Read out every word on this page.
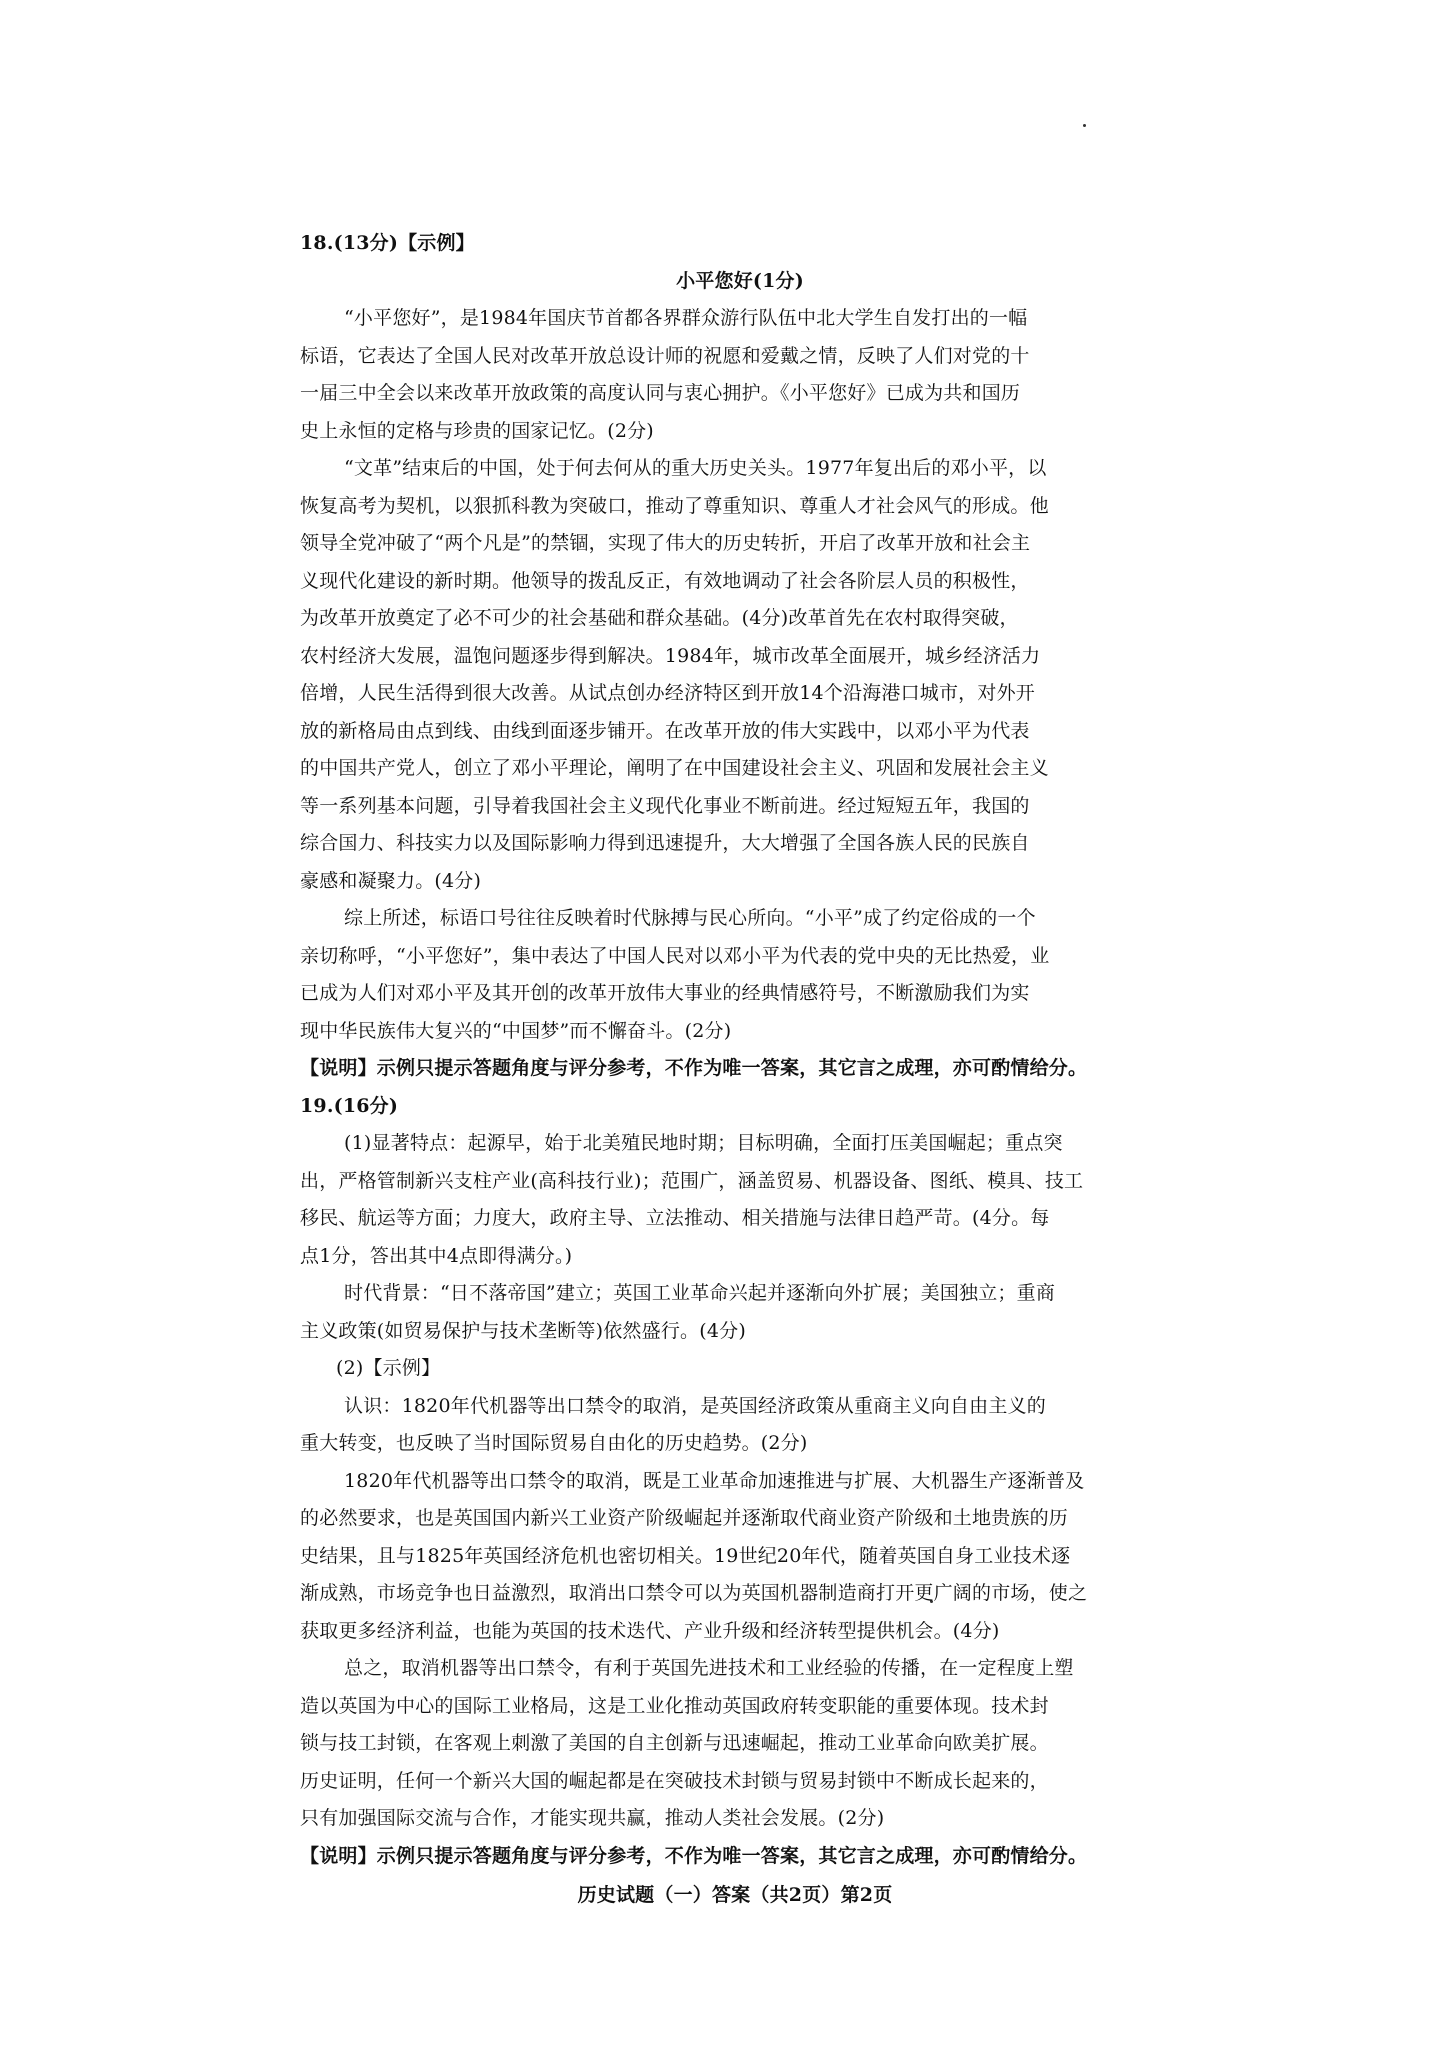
18.(13分)【示例】
小平您好(1分)
“小平您好”，是1984年国庆节首都各界群众游行队伍中北大学生自发打出的一幅
标语，它表达了全国人民对改革开放总设计师的祝愿和爱戴之情，反映了人们对党的十
一届三中全会以来改革开放政策的高度认同与衷心拥护。《小平您好》已成为共和国历
史上永恒的定格与珍贵的国家记忆。(2分)
“文革”结束后的中国，处于何去何从的重大历史关头。1977年复出后的邓小平，以
恢复高考为契机，以狠抓科教为突破口，推动了尊重知识、尊重人才社会风气的形成。他
领导全党冲破了“两个凡是”的禁锢，实现了伟大的历史转折，开启了改革开放和社会主
义现代化建设的新时期。他领导的拨乱反正，有效地调动了社会各阶层人员的积极性，
为改革开放奠定了必不可少的社会基础和群众基础。(4分)改革首先在农村取得突破，
农村经济大发展，温饱问题逐步得到解决。1984年，城市改革全面展开，城乡经济活力
倍增，人民生活得到很大改善。从试点创办经济特区到开放14个沿海港口城市，对外开
放的新格局由点到线、由线到面逐步铺开。在改革开放的伟大实践中，以邓小平为代表
的中国共产党人，创立了邓小平理论，阐明了在中国建设社会主义、巩固和发展社会主义
等一系列基本问题，引导着我国社会主义现代化事业不断前进。经过短短五年，我国的
综合国力、科技实力以及国际影响力得到迅速提升，大大增强了全国各族人民的民族自
豪感和凝聚力。(4分)
综上所述，标语口号往往反映着时代脉搏与民心所向。“小平”成了约定俗成的一个
亲切称呼，“小平您好”，集中表达了中国人民对以邓小平为代表的党中央的无比热爱，业
已成为人们对邓小平及其开创的改革开放伟大事业的经典情感符号，不断激励我们为实
现中华民族伟大复兴的“中国梦”而不懈奋斗。(2分)
【说明】示例只提示答题角度与评分参考，不作为唯一答案，其它言之成理，亦可酌情给分。
19.(16分)
(1)显著特点：起源早，始于北美殖民地时期；目标明确，全面打压美国崛起；重点突
出，严格管制新兴支柱产业(高科技行业)；范围广，涵盖贸易、机器设备、图纸、模具、技工
移民、航运等方面；力度大，政府主导、立法推动、相关措施与法律日趋严苛。(4分。每
点1分，答出其中4点即得满分。)
时代背景：“日不落帝国”建立；英国工业革命兴起并逐渐向外扩展；美国独立；重商
主义政策(如贸易保护与技术垄断等)依然盛行。(4分)
(2)【示例】
认识：1820年代机器等出口禁令的取消，是英国经济政策从重商主义向自由主义的
重大转变，也反映了当时国际贸易自由化的历史趋势。(2分)
1820年代机器等出口禁令的取消，既是工业革命加速推进与扩展、大机器生产逐渐普及
的必然要求，也是英国国内新兴工业资产阶级崛起并逐渐取代商业资产阶级和土地贵族的历
史结果，且与1825年英国经济危机也密切相关。19世纪20年代，随着英国自身工业技术逐
渐成熟，市场竞争也日益激烈，取消出口禁令可以为英国机器制造商打开更广阔的市场，使之
获取更多经济利益，也能为英国的技术迭代、产业升级和经济转型提供机会。(4分)
总之，取消机器等出口禁令，有利于英国先进技术和工业经验的传播，在一定程度上塑
造以英国为中心的国际工业格局，这是工业化推动英国政府转变职能的重要体现。技术封
锁与技工封锁，在客观上刺激了美国的自主创新与迅速崛起，推动工业革命向欧美扩展。
历史证明，任何一个新兴大国的崛起都是在突破技术封锁与贸易封锁中不断成长起来的，
只有加强国际交流与合作，才能实现共赢，推动人类社会发展。(2分)
【说明】示例只提示答题角度与评分参考，不作为唯一答案，其它言之成理，亦可酌情给分。
历史试题（一）答案（共2页）第2页
